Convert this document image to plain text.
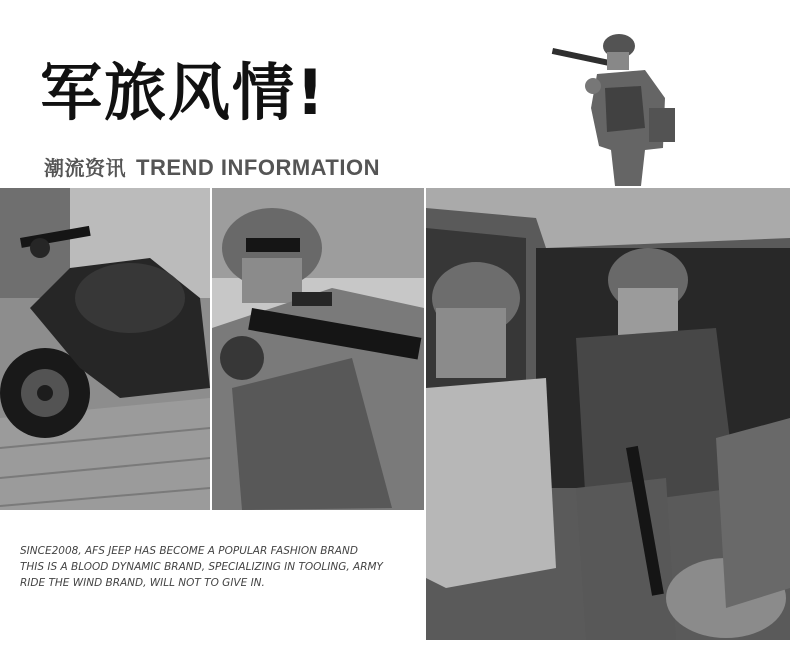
军旅风情!
潮流资讯 TREND INFORMATION
SINCE2008, AFS JEEP HAS BECOME A POPULAR FASHION BRAND
THIS IS A BLOOD DYNAMIC BRAND, SPECIALIZING IN TOOLING, ARMY
RIDE THE WIND BRAND, WILL NOT TO GIVE IN.
